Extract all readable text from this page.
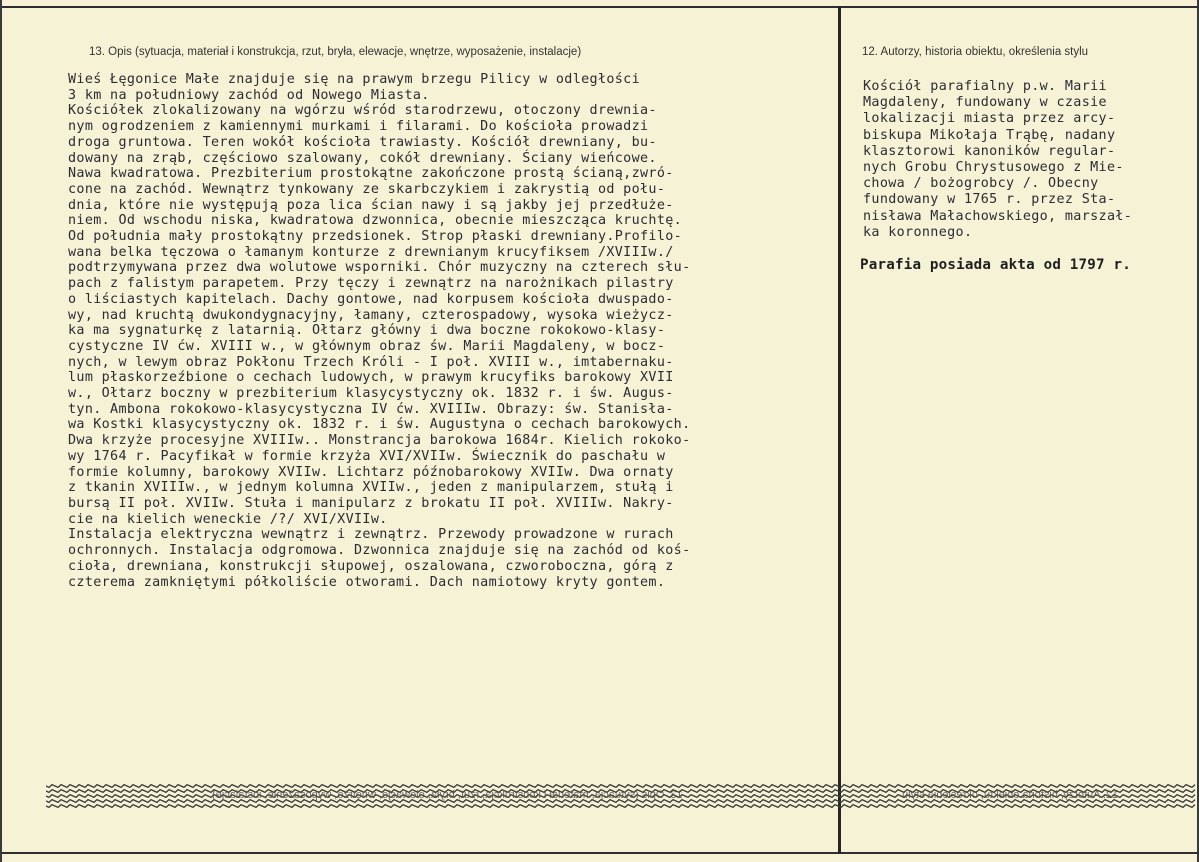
13. Opis (sytuacja, materiał i konstrukcja, rzut, bryła, elewacje, wnętrze, wyposażenie, instalacje)
Wieś Łęgonice Małe znajduje się na prawym brzegu Pilicy w odległości
3 km na południowy zachód od Nowego Miasta.
Kościółek zlokalizowany na wgórzu wśród starodrzewu, otoczony drewnia-
nym ogrodzeniem z kamiennymi murkami i filarami. Do kościoła prowadzi
droga gruntowa. Teren wokół kościoła trawiasty. Kościół drewniany, bu-
dowany na zrąb, częściowo szalowany, cokół drewniany. Ściany wieńcowe.
Nawa kwadratowa. Prezbiterium prostokątne zakończone prostą ścianą,zwró-
cone na zachód. Wewnątrz tynkowany ze skarbczykiem i zakrystią od połu-
dnia, które nie występują poza lica ścian nawy i są jakby jej przedłuże-
niem. Od wschodu niska, kwadratowa dzwonnica, obecnie mieszcząca kruchtę.
Od południa mały prostokątny przedsionek. Strop płaski drewniany.Profilo-
wana belka tęczowa o łamanym konturze z drewnianym krucyfiksem /XVIIIw./
podtrzymywana przez dwa wolutowe wsporniki. Chór muzyczny na czterech słu-
pach z falistym parapetem. Przy tęczy i zewnątrz na narożnikach pilastry
o liściastych kapitelach. Dachy gontowe, nad korpusem kościoła dwuspado-
wy, nad kruchtą dwukondygnacyjny, łamany, czterospadowy, wysoka wieżycz-
ka ma sygnaturkę z latarnią. Ołtarz główny i dwa boczne rokokowo-klasy-
cystyczne IV ćw. XVIII w., w głównym obraz św. Marii Magdaleny, w bocz-
nych, w lewym obraz Pokłonu Trzech Króli - I poł. XVIII w., imtabernaku-
lum płaskorzeźbione o cechach ludowych, w prawym krucyfiks barokowy XVII
w., Ołtarz boczny w prezbiterium klasycystyczny ok. 1832 r. i św. Augus-
tyn. Ambona rokokowo-klasycystyczna IV ćw. XVIIIw. Obrazy: św. Stanisła-
wa Kostki klasycystyczny ok. 1832 r. i św. Augustyna o cechach barokowych.
Dwa krzyże procesyjne XVIIIw.. Monstrancja barokowa 1684r. Kielich rokoko-
wy 1764 r. Pacyfikał w formie krzyża XVI/XVIIw. Świecznik do paschału w
formie kolumny, barokowy XVIIw. Lichtarz późnobarokowy XVIIw. Dwa ornaty
z tkanin XVIIIw., w jednym kolumna XVIIw., jeden z manipularzem, stułą i
bursą II poł. XVIIw. Stuła i manipularz z brokatu II poł. XVIIIw. Nakry-
cie na kielich weneckie /?/ XVI/XVIIw.
Instalacja elektryczna wewnątrz i zewnątrz. Przewody prowadzone w rurach
ochronnych. Instalacja odgromowa. Dzwonnica znajduje się na zachód od koś-
cioła, drewniana, konstrukcji słupowej, oszalowana, czworoboczna, górą z
czterema zamkniętymi półkoliście otworami. Dach namiotowy kryty gontem.
12. Autorzy, historia obiektu, określenia stylu
Kościół parafialny p.w. Marii
Magdaleny, fundowany w czasie
lokalizacji miasta przez arcy-
biskupa Mikołaja Trąbę, nadany
klasztorowi kanoników regular-
nych Grobu Chrystusowego z Mie-
chowa / bożogrobcy /. Obecny
fundowany w 1765 r. przez Sta-
nisława Małachowskiego, marszał-
ka koronnego.
Parafia posiada akta od 1797 r.
13. Opis (sytuacja, materiał i konstrukcja, rzut, bryła, elewacje, wnętrze, wyposażenie, instalacje)	12. Autorzy, historia obiektu, określenia stylu
